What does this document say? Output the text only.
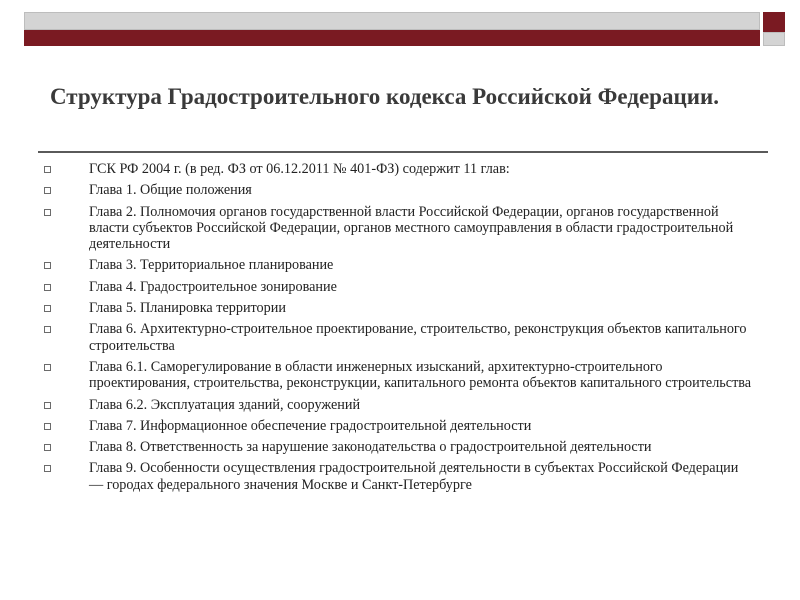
Структура Градостроительного кодекса Российской Федерации.
ГСК РФ 2004 г. (в ред. ФЗ от 06.12.2011 № 401-ФЗ) содержит 11 глав:
Глава 1. Общие положения
Глава 2. Полномочия органов государственной власти Российской Федерации, органов государственной власти субъектов Российской Федерации, органов местного самоуправления в области градостроительной деятельности
Глава 3. Территориальное планирование
Глава 4. Градостроительное зонирование
Глава 5. Планировка территории
Глава 6. Архитектурно-строительное проектирование, строительство, реконструкция объектов капитального строительства
Глава 6.1. Саморегулирование в области инженерных изысканий, архитектурно-строительного проектирования, строительства, реконструкции, капитального ремонта объектов капитального строительства
Глава 6.2. Эксплуатация зданий, сооружений
Глава 7. Информационное обеспечение градостроительной деятельности
Глава 8. Ответственность за нарушение законодательства о градостроительной деятельности
Глава 9. Особенности осуществления градостроительной деятельности в субъектах Российской Федерации — городах федерального значения Москве и Санкт-Петербурге
